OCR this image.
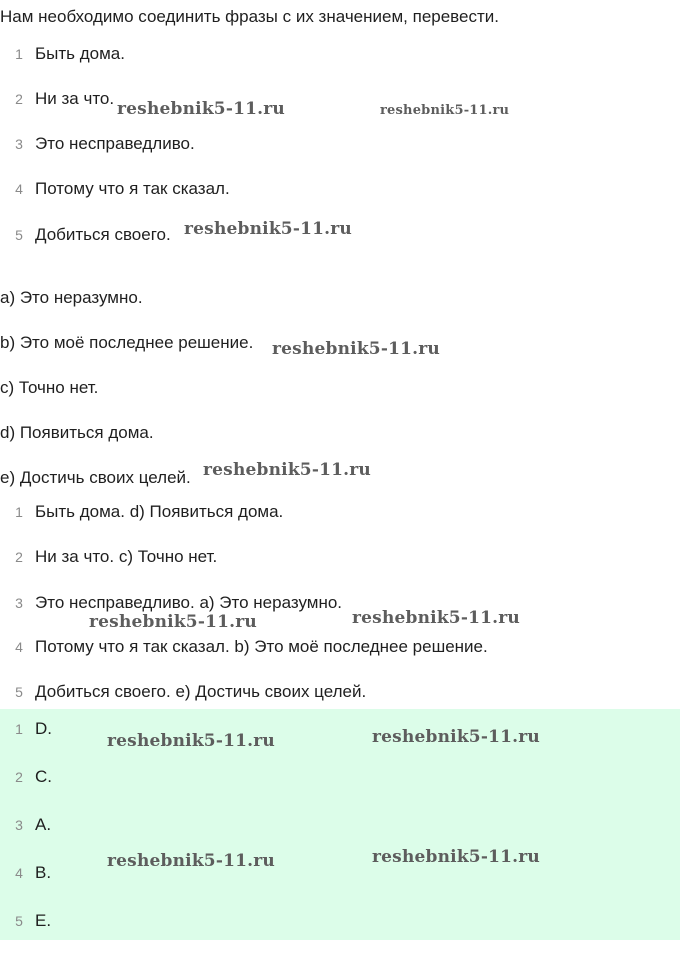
Нам необходимо соединить фразы с их значением, перевести.
1 Быть дома.
2 Ни за что.
3 Это несправедливо.
4 Потому что я так сказал.
5 Добиться своего.
a) Это неразумно.
b) Это моё последнее решение.
c) Точно нет.
d) Появиться дома.
e) Достичь своих целей.
1 Быть дома. d) Появиться дома.
2 Ни за что. c) Точно нет.
3 Это несправедливо. a) Это неразумно.
4 Потому что я так сказал. b) Это моё последнее решение.
5 Добиться своего. e) Достичь своих целей.
1 D.
2 C.
3 A.
4 B.
5 E.
reshebnik5-11.ru	reshebnik5-11.ru
reshebnik5-11.ru
reshebnik5-11.ru
reshebnik5-11.ru
reshebnik5-11.ru
reshebnik5-11.ru
reshebnik5-11.ru	reshebnik5-11.ru
reshebnik5-11.ru	reshebnik5-11.ru
